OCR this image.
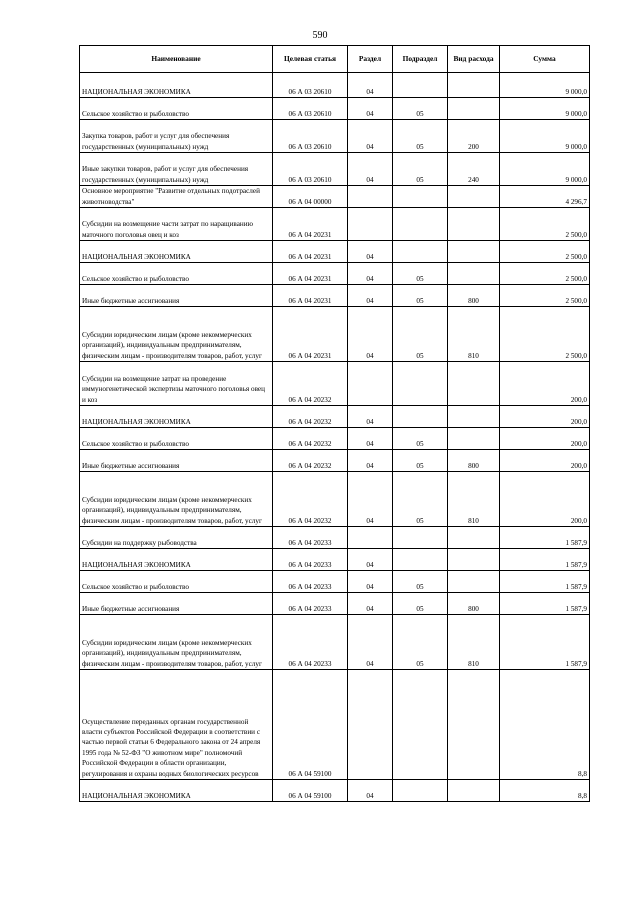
590
Наименование	Целевая статья	Раздел	Подраздел	Вид расхода	Сумма
НАЦИОНАЛЬНАЯ ЭКОНОМИКА	06 А 03 20610	04			9 000,0
Сельское хозяйство и рыболовство	06 А 03 20610	04	05		9 000,0
Закупка товаров, работ и услуг для обеспечения государственных (муниципальных) нужд	06 А 03 20610	04	05	200	9 000,0
Иные закупки товаров, работ и услуг для обеспечения государственных (муниципальных) нужд	06 А 03 20610	04	05	240	9 000,0
Основное мероприятие "Развитие отдельных подотраслей животноводства"	06 А 04 00000				4 296,7
Субсидии на возмещение части затрат по наращиванию маточного поголовья овец и коз	06 А 04 20231				2 500,0
НАЦИОНАЛЬНАЯ ЭКОНОМИКА	06 А 04 20231	04			2 500,0
Сельское хозяйство и рыболовство	06 А 04 20231	04	05		2 500,0
Иные бюджетные ассигнования	06 А 04 20231	04	05	800	2 500,0
Субсидии юридическим лицам (кроме некоммерческих организаций), индивидуальным предпринимателям, физическим лицам - производителям товаров, работ, услуг	06 А 04 20231	04	05	810	2 500,0
Субсидии на возмещение затрат на проведение иммуногенетической экспертизы маточного поголовья овец и коз	06 А 04 20232				200,0
НАЦИОНАЛЬНАЯ ЭКОНОМИКА	06 А 04 20232	04			200,0
Сельское хозяйство и рыболовство	06 А 04 20232	04	05		200,0
Иные бюджетные ассигнования	06 А 04 20232	04	05	800	200,0
Субсидии юридическим лицам (кроме некоммерческих организаций), индивидуальным предпринимателям, физическим лицам - производителям товаров, работ, услуг	06 А 04 20232	04	05	810	200,0
Субсидии на поддержку рыбоводства	06 А 04 20233				1 587,9
НАЦИОНАЛЬНАЯ ЭКОНОМИКА	06 А 04 20233	04			1 587,9
Сельское хозяйство и рыболовство	06 А 04 20233	04	05		1 587,9
Иные бюджетные ассигнования	06 А 04 20233	04	05	800	1 587,9
Субсидии юридическим лицам (кроме некоммерческих организаций), индивидуальным предпринимателям, физическим лицам - производителям товаров, работ, услуг	06 А 04 20233	04	05	810	1 587,9
Осуществление переданных органам государственной власти субъектов Российской Федерации в соответствии с частью первой статьи 6 Федерального закона от 24 апреля 1995 года № 52-ФЗ "О животном мире" полномочий Российской Федерации в области организации, регулирования и охраны водных биологических ресурсов	06 А 04 59100				8,8
НАЦИОНАЛЬНАЯ ЭКОНОМИКА	06 А 04 59100	04			8,8
